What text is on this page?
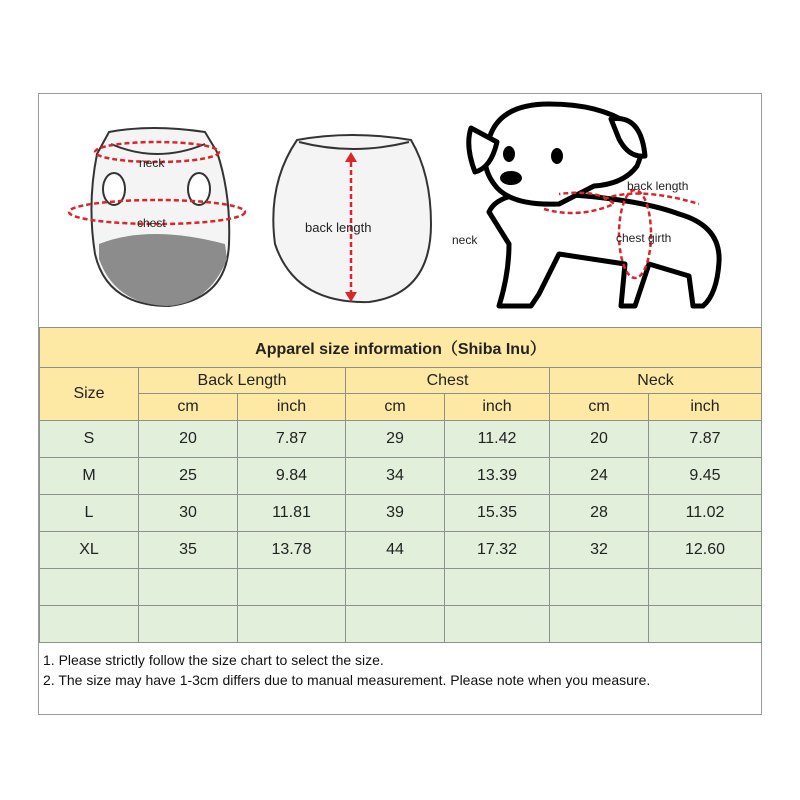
neck
chest	back length
back length
neck	chest girth
Apparel size information（Shiba Inu）						
Size	Back Length		Chest		Neck	
	cm	inch	cm	inch	cm	inch
S	20	7.87	29	11.42	20	7.87
M	25	9.84	34	13.39	24	9.45
L	30	11.81	39	15.35	28	11.02
XL	35	13.78	44	17.32	32	12.60

1. Please strictly follow the size chart to select the size.
2. The size may have 1-3cm differs due to manual measurement. Please note when you measure.
